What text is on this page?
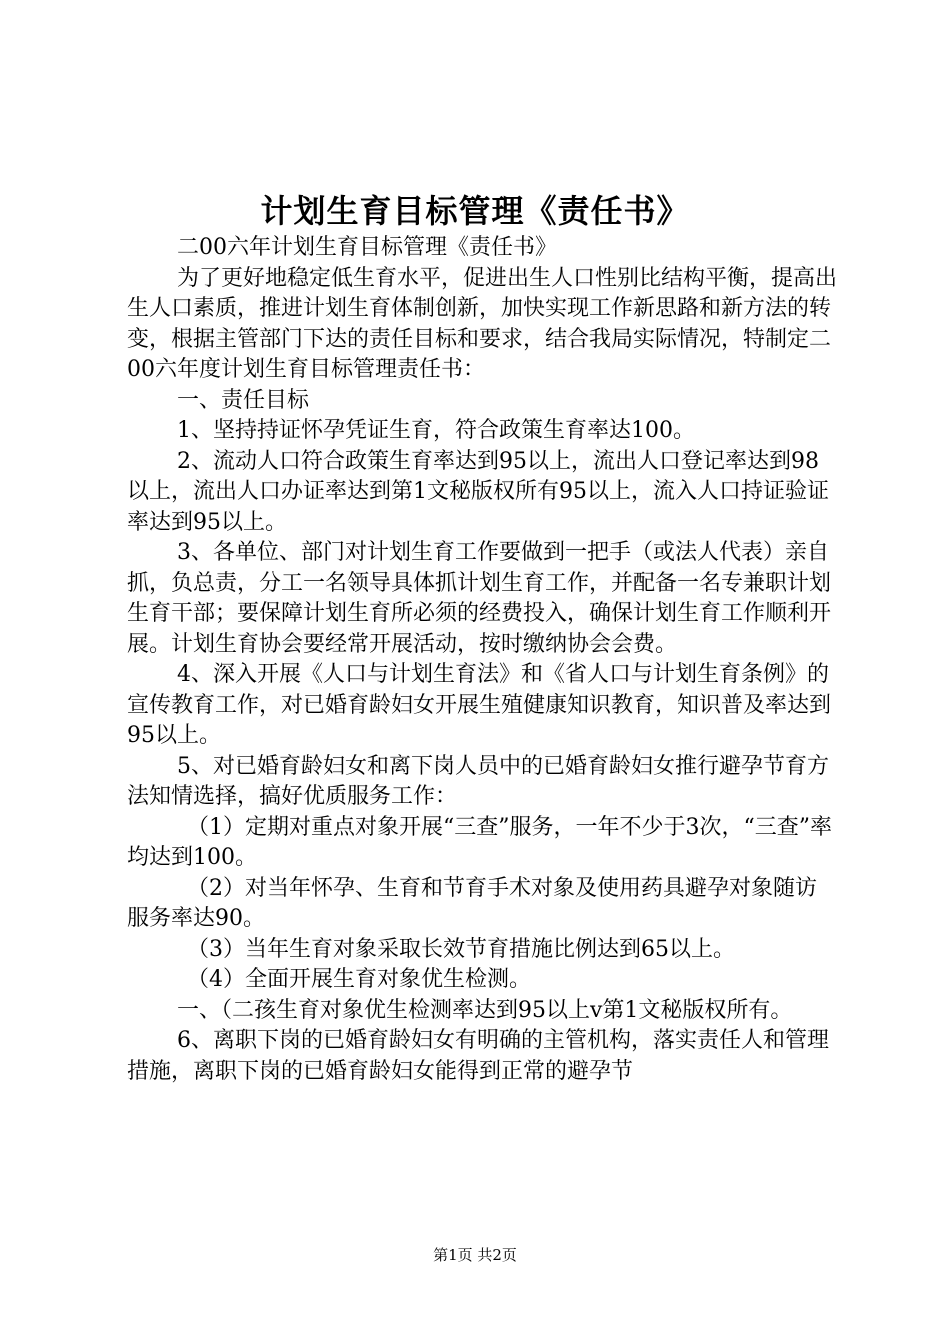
计划生育目标管理《责任书》

二00六年计划生育目标管理《责任书》

为了更好地稳定低生育水平，促进出生人口性别比结构平衡，提高出生人口素质，推进计划生育体制创新，加快实现工作新思路和新方法的转变，根据主管部门下达的责任目标和要求，结合我局实际情况，特制定二00六年度计划生育目标管理责任书：

一、责任目标

1、坚持持证怀孕凭证生育，符合政策生育率达100。

2、流动人口符合政策生育率达到95以上，流出人口登记率达到98以上，流出人口办证率达到第1文秘版权所有95以上，流入人口持证验证率达到95以上。

3、各单位、部门对计划生育工作要做到一把手（或法人代表）亲自抓，负总责，分工一名领导具体抓计划生育工作，并配备一名专兼职计划生育干部；要保障计划生育所必须的经费投入，确保计划生育工作顺利开展。计划生育协会要经常开展活动，按时缴纳协会会费。

4、深入开展《人口与计划生育法》和《省人口与计划生育条例》的宣传教育工作，对已婚育龄妇女开展生殖健康知识教育，知识普及率达到95以上。

5、对已婚育龄妇女和离下岗人员中的已婚育龄妇女推行避孕节育方法知情选择，搞好优质服务工作：

（1）定期对重点对象开展“三查”服务，一年不少于3次，“三查”率均达到100。

（2）对当年怀孕、生育和节育手术对象及使用药具避孕对象随访服务率达90。

（3）当年生育对象采取长效节育措施比例达到65以上。

（4）全面开展生育对象优生检测。

一、（二孩生育对象优生检测率达到95以上v第1文秘版权所有。

6、离职下岗的已婚育龄妇女有明确的主管机构，落实责任人和管理措施，离职下岗的已婚育龄妇女能得到正常的避孕节

第1页 共2页
